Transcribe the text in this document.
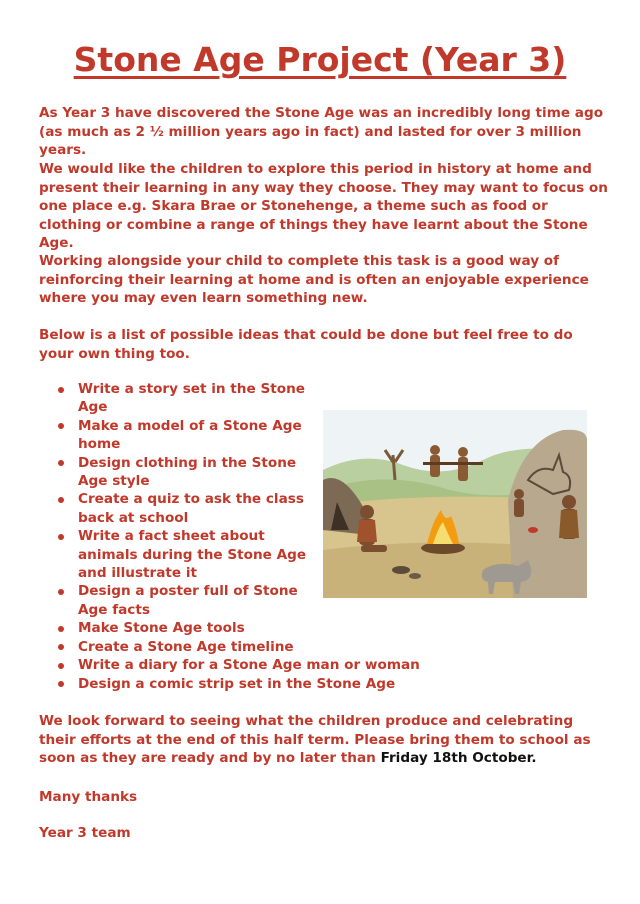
Stone Age Project (Year 3)

As Year 3 have discovered the Stone Age was an incredibly long time ago (as much as 2 ½ million years ago in fact) and lasted for over 3 million years.

We would like the children to explore this period in history at home and present their learning in any way they choose. They may want to focus on one place e.g. Skara Brae or Stonehenge, a theme such as food or clothing or combine a range of things they have learnt about the Stone Age.

Working alongside your child to complete this task is a good way of reinforcing their learning at home and is often an enjoyable experience where you may even learn something new.

Below is a list of possible ideas that could be done but feel free to do your own thing too.

Write a story set in the Stone Age
Make a model of a Stone Age home
Design clothing in the Stone Age style
Create a quiz to ask the class back at school
Write a fact sheet about animals during the Stone Age and illustrate it
Design a poster full of Stone Age facts
Make Stone Age tools
Create a Stone Age timeline
Write a diary for a Stone Age man or woman
Design a comic strip set in the Stone Age

We look forward to seeing what the children produce and celebrating their efforts at the end of this half term. Please bring them to school as soon as they are ready and by no later than Friday 18th October.

Many thanks

Year 3 team
